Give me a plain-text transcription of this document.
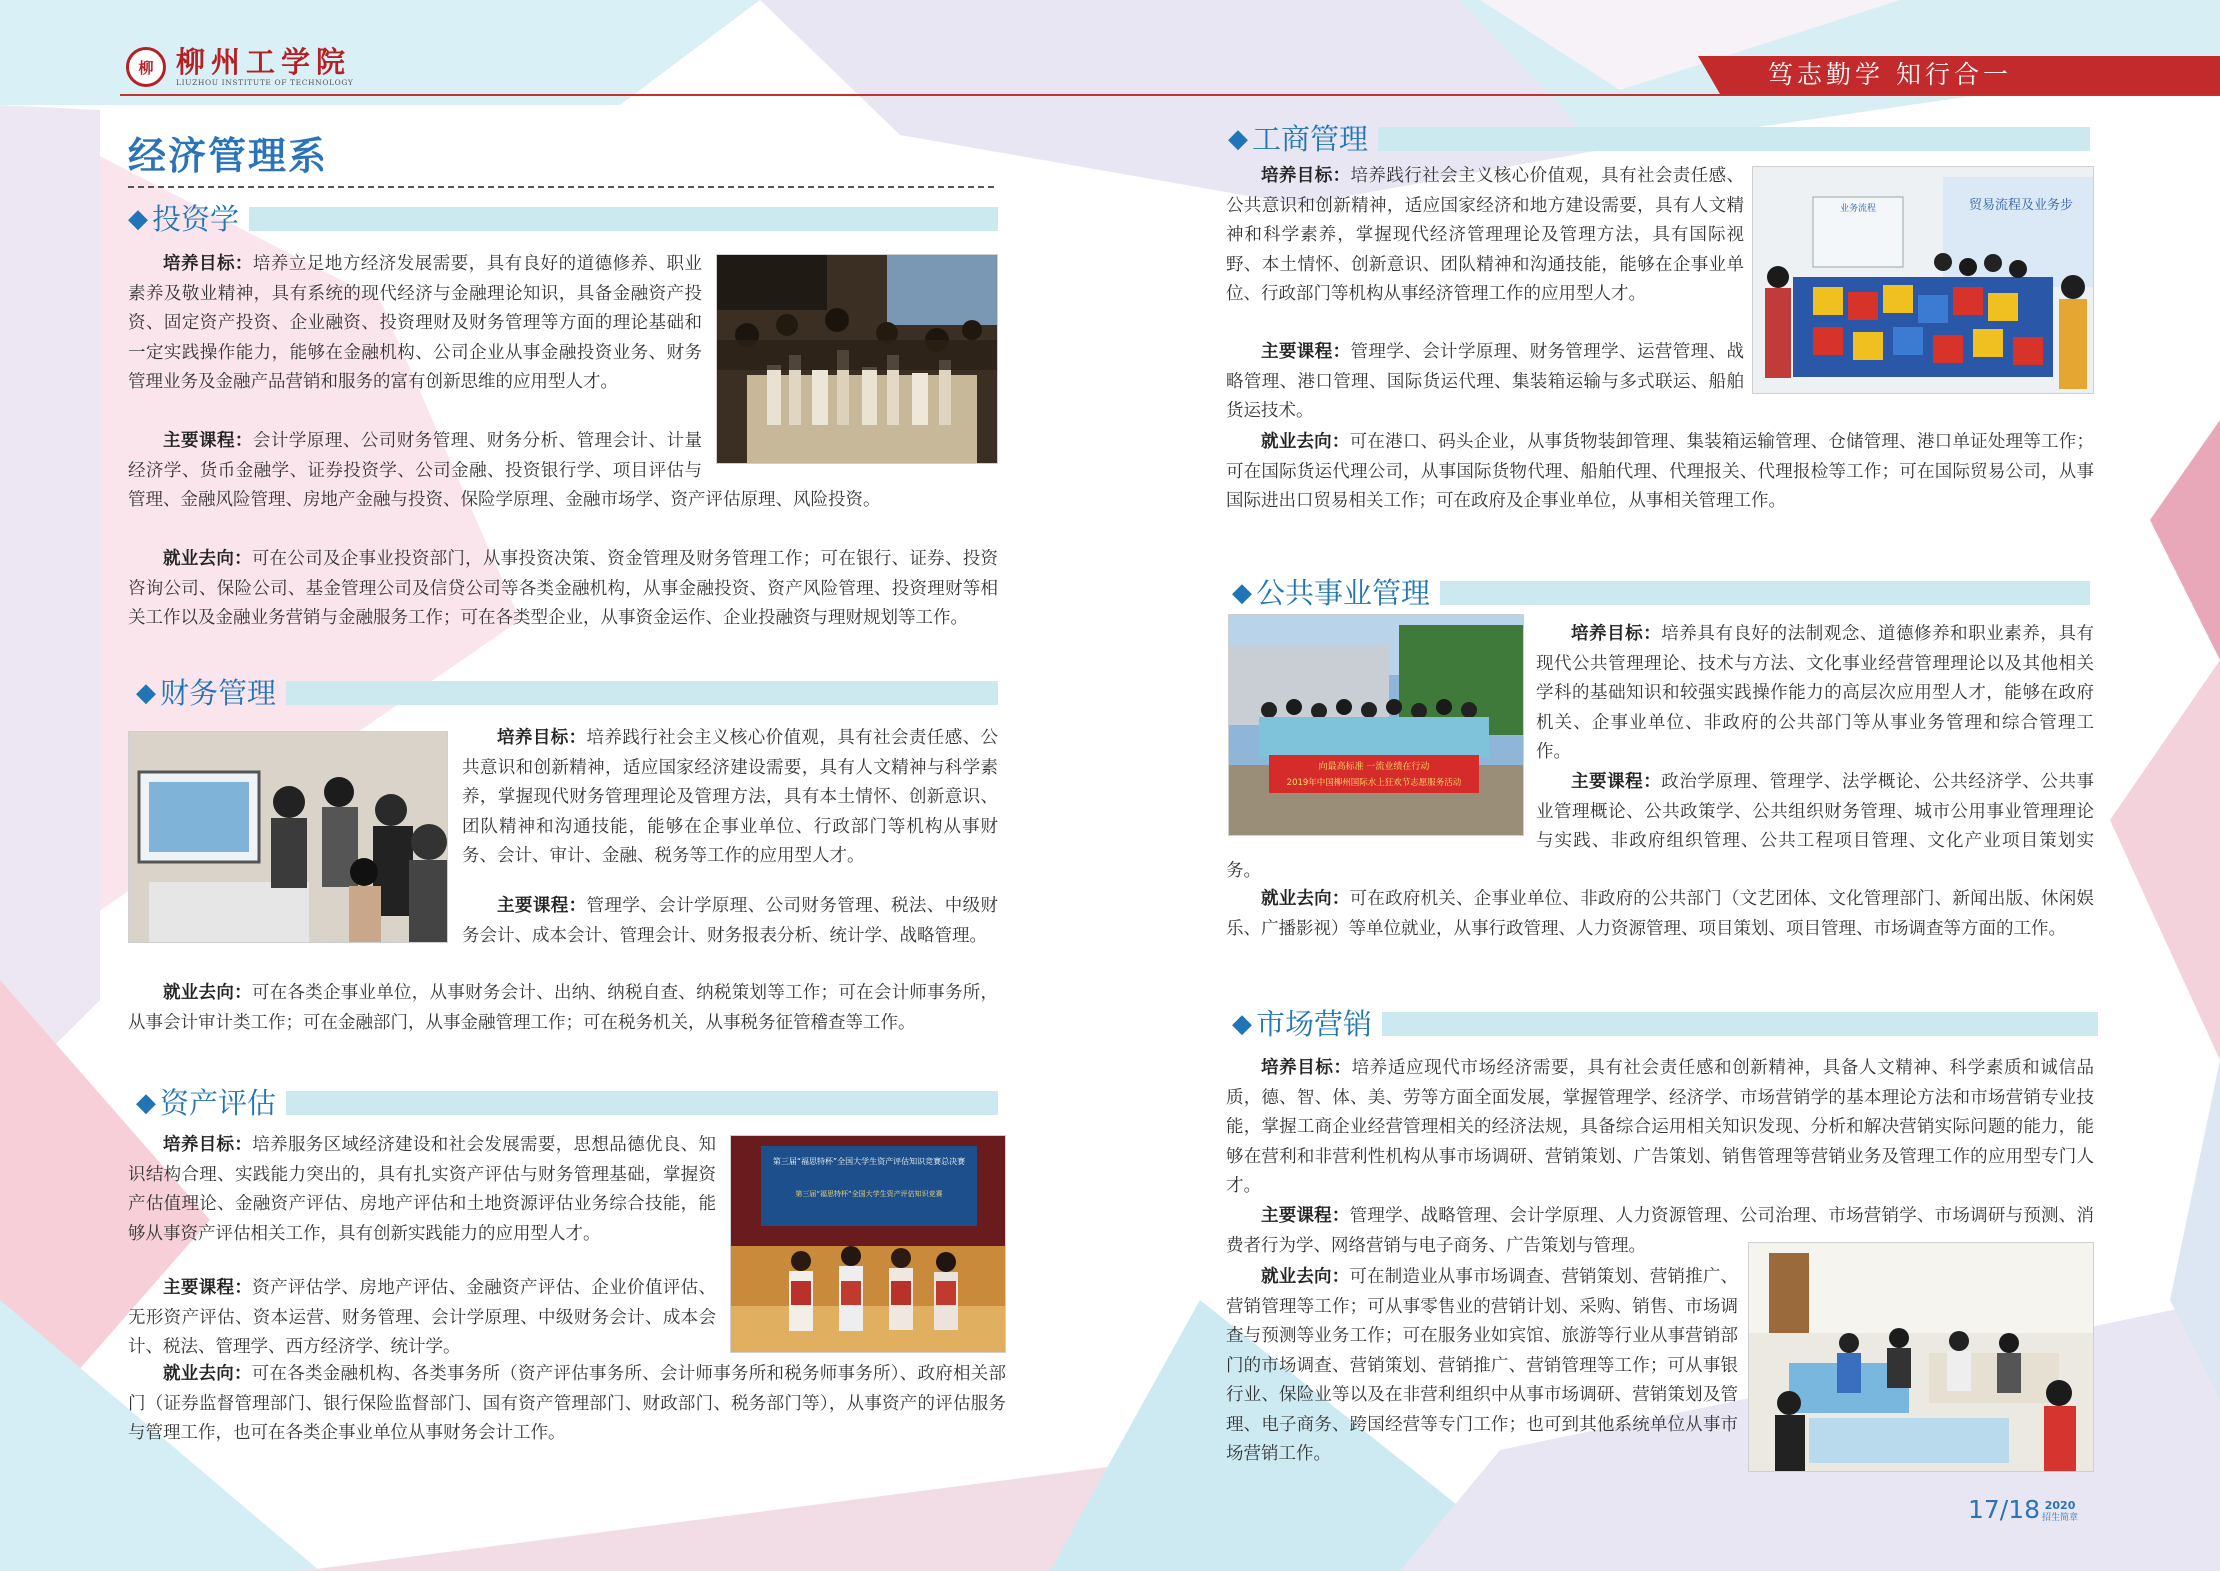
柳 柳州工学院
LIUZHOU INSTITUTE OF TECHNOLOGY	笃志勤学 知行合一
经济管理系
◆ 投资学

培养目标：培养立足地方经济发展需要，具有良好的道德修养、职业素养及敬业精神，具有系统的现代经济与金融理论知识，具备金融资产投资、固定资产投资、企业融资、投资理财及财务管理等方面的理论基础和一定实践操作能力，能够在金融机构、公司企业从事金融投资业务、财务管理业务及金融产品营销和服务的富有创新思维的应用型人才。

主要课程：会计学原理、公司财务管理、财务分析、管理会计、计量经济学、货币金融学、证券投资学、公司金融、投资银行学、项目评估与管理、金融风险管理、房地产金融与投资、保险学原理、金融市场学、资产评估原理、风险投资。

就业去向：可在公司及企事业投资部门，从事投资决策、资金管理及财务管理工作；可在银行、证券、投资咨询公司、保险公司、基金管理公司及信贷公司等各类金融机构，从事金融投资、资产风险管理、投资理财等相关工作以及金融业务营销与金融服务工作；可在各类型企业，从事资金运作、企业投融资与理财规划等工作。

◆ 财务管理

培养目标：培养践行社会主义核心价值观，具有社会责任感、公共意识和创新精神，适应国家经济建设需要，具有人文精神与科学素养，掌握现代财务管理理论及管理方法，具有本土情怀、创新意识、团队精神和沟通技能，能够在企事业单位、行政部门等机构从事财务、会计、审计、金融、税务等工作的应用型人才。

主要课程：管理学、会计学原理、公司财务管理、税法、中级财务会计、成本会计、管理会计、财务报表分析、统计学、战略管理。

就业去向：可在各类企事业单位，从事财务会计、出纳、纳税自查、纳税策划等工作；可在会计师事务所，从事会计审计类工作；可在金融部门，从事金融管理工作；可在税务机关，从事税务征管稽查等工作。

◆ 资产评估

培养目标：培养服务区域经济建设和社会发展需要，思想品德优良、知识结构合理、实践能力突出的，具有扎实资产评估与财务管理基础，掌握资产估值理论、金融资产评估、房地产评估和土地资源评估业务综合技能，能够从事资产评估相关工作，具有创新实践能力的应用型人才。

第三届“福思特杯”全国大学生资产评估知识竞赛总决赛
第三届“福思特杯”全国大学生资产评估知识竞赛

主要课程：资产评估学、房地产评估、金融资产评估、企业价值评估、无形资产评估、资本运营、财务管理、会计学原理、中级财务会计、成本会计、税法、管理学、西方经济学、统计学。

就业去向：可在各类金融机构、各类事务所（资产评估事务所、会计师事务所和税务师事务所）、政府相关部门（证券监督管理部门、银行保险监督部门、国有资产管理部门、财政部门、税务部门等），从事资产的评估服务与管理工作，也可在各类企事业单位从事财务会计工作。

◆ 工商管理

培养目标：培养践行社会主义核心价值观，具有社会责任感、公共意识和创新精神，适应国家经济和地方建设需要，具有人文精神和科学素养，掌握现代经济管理理论及管理方法，具有国际视野、本土情怀、创新意识、团队精神和沟通技能，能够在企事业单位、行政部门等机构从事经济管理工作的应用型人才。

贸易流程及业务步
业务流程

主要课程：管理学、会计学原理、财务管理学、运营管理、战略管理、港口管理、国际货运代理、集装箱运输与多式联运、船舶货运技术。

就业去向：可在港口、码头企业，从事货物装卸管理、集装箱运输管理、仓储管理、港口单证处理等工作；可在国际货运代理公司，从事国际货物代理、船舶代理、代理报关、代理报检等工作；可在国际贸易公司，从事国际进出口贸易相关工作；可在政府及企事业单位，从事相关管理工作。

◆ 公共事业管理
向最高标准 一流业绩在行动
2019年中国柳州国际水上狂欢节志愿服务活动

培养目标：培养具有良好的法制观念、道德修养和职业素养，具有现代公共管理理论、技术与方法、文化事业经营管理理论以及其他相关学科的基础知识和较强实践操作能力的高层次应用型人才，能够在政府机关、企事业单位、非政府的公共部门等从事业务管理和综合管理工作。

主要课程：政治学原理、管理学、法学概论、公共经济学、公共事业管理概论、公共政策学、公共组织财务管理、城市公用事业管理理论与实践、非政府组织管理、公共工程项目管理、文化产业项目策划实务。

就业去向：可在政府机关、企事业单位、非政府的公共部门（文艺团体、文化管理部门、新闻出版、休闲娱乐、广播影视）等单位就业，从事行政管理、人力资源管理、项目策划、项目管理、市场调查等方面的工作。

◆ 市场营销

培养目标：培养适应现代市场经济需要，具有社会责任感和创新精神，具备人文精神、科学素质和诚信品质，德、智、体、美、劳等方面全面发展，掌握管理学、经济学、市场营销学的基本理论方法和市场营销专业技能，掌握工商企业经营管理相关的经济法规，具备综合运用相关知识发现、分析和解决营销实际问题的能力，能够在营利和非营利性机构从事市场调研、营销策划、广告策划、销售管理等营销业务及管理工作的应用型专门人才。

主要课程：管理学、战略管理、会计学原理、人力资源管理、公司治理、市场营销学、市场调研与预测、消费者行为学、网络营销与电子商务、广告策划与管理。

就业去向：可在制造业从事市场调查、营销策划、营销推广、营销管理等工作；可从事零售业的营销计划、采购、销售、市场调查与预测等业务工作；可在服务业如宾馆、旅游等行业从事营销部门的市场调查、营销策划、营销推广、营销管理等工作；可从事银行业、保险业等以及在非营利组织中从事市场调研、营销策划及管理、电子商务、跨国经营等专门工作；也可到其他系统单位从事市场营销工作。

17/18 2020
招生简章
